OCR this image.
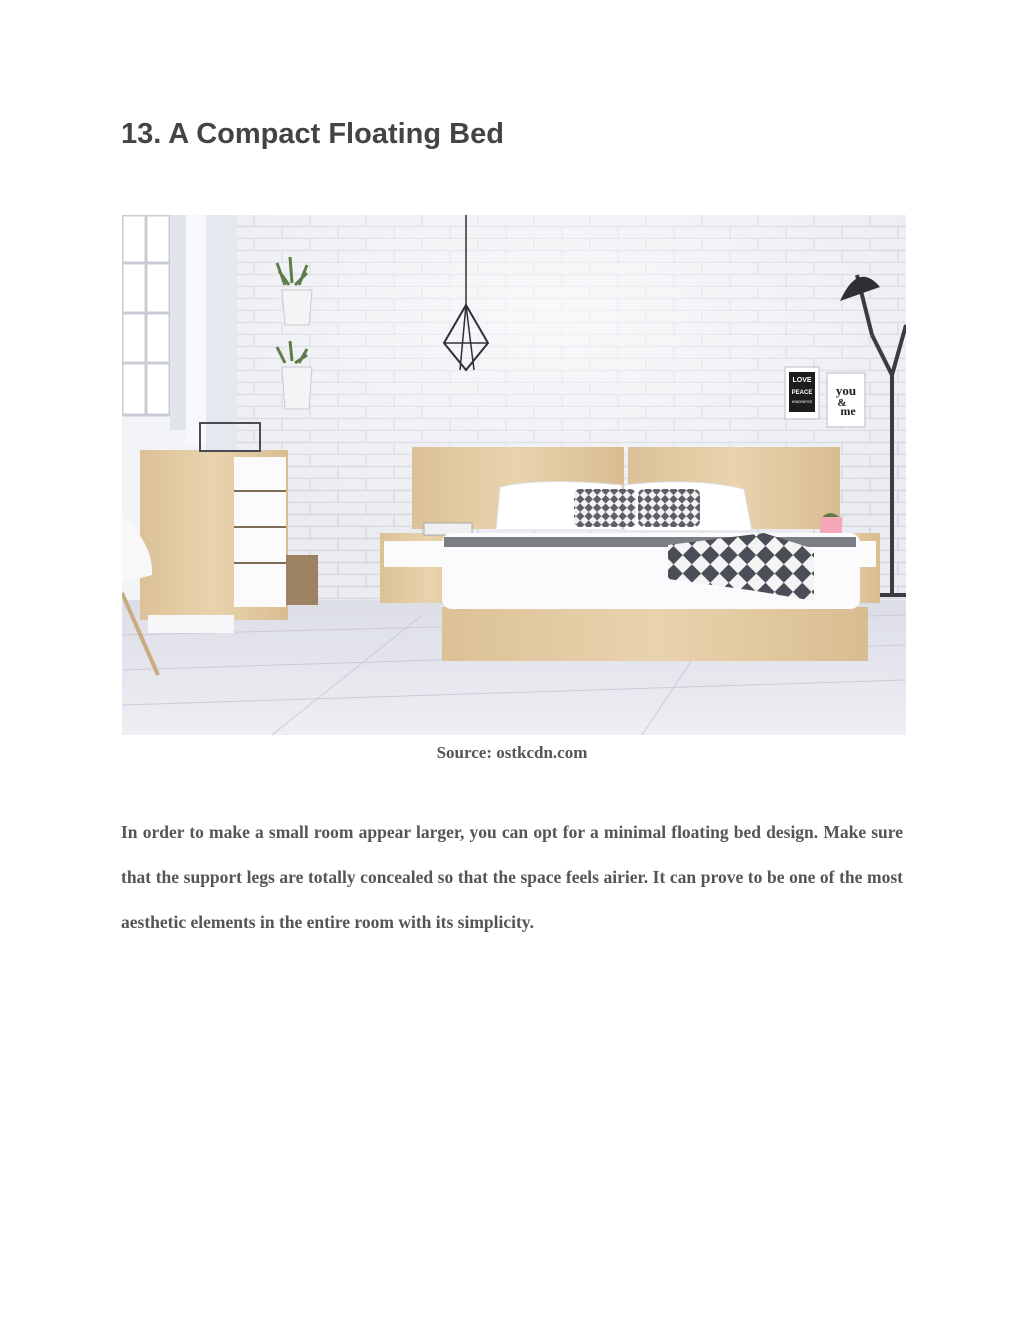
13. A Compact Floating Bed
LOVE
PEACE
KINDNESS
you
&
me
Source: ostkcdn.com

In order to make a small room appear larger, you can opt for a minimal floating bed design. Make sure that the support legs are totally concealed so that the space feels airier. It can prove to be one of the most aesthetic elements in the entire room with its simplicity.
